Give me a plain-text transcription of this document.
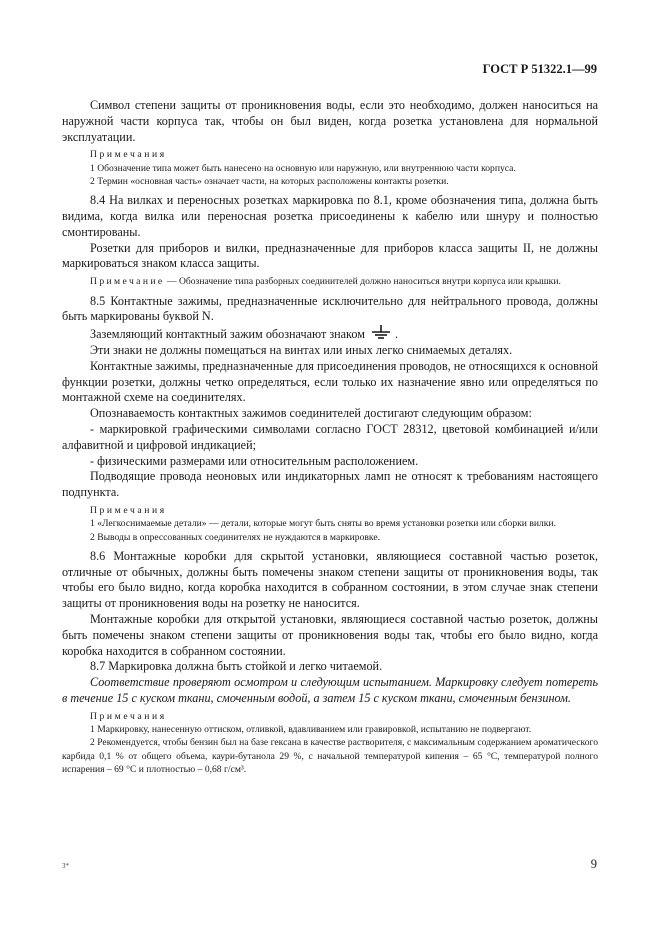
ГОСТ Р 51322.1—99

Символ степени защиты от проникновения воды, если это необходимо, должен наноситься на наружной части корпуса так, чтобы он был виден, когда розетка установлена для нормальной эксплуатации.

Примечания

1 Обозначение типа может быть нанесено на основную или наружную, или внутреннюю части корпуса.

2 Термин «основная часть» означает части, на которых расположены контакты розетки.

8.4 На вилках и переносных розетках маркировка по 8.1, кроме обозначения типа, должна быть видима, когда вилка или переносная розетка присоединены к кабелю или шнуру и полностью смонтированы.

Розетки для приборов и вилки, предназначенные для приборов класса защиты II, не должны маркироваться знаком класса защиты.

Примечание — Обозначение типа разборных соединителей должно наноситься внутри корпуса или крышки.

8.5 Контактные зажимы, предназначенные исключительно для нейтрального провода, должны быть маркированы буквой N.

Заземляющий контактный зажим обозначают знаком .

Эти знаки не должны помещаться на винтах или иных легко снимаемых деталях.

Контактные зажимы, предназначенные для присоединения проводов, не относящихся к основной функции розетки, должны четко определяться, если только их назначение явно или определяться по монтажной схеме на соединителях.

Опознаваемость контактных зажимов соединителей достигают следующим образом:

- маркировкой графическими символами согласно ГОСТ 28312, цветовой комбинацией и/или алфавитной и цифровой индикацией;

- физическими размерами или относительным расположением.

Подводящие провода неоновых или индикаторных ламп не относят к требованиям настоящего подпункта.

Примечания

1 «Легкоснимаемые детали» — детали, которые могут быть сняты во время установки розетки или сборки вилки.

2 Выводы в опрессованных соединителях не нуждаются в маркировке.

8.6 Монтажные коробки для скрытой установки, являющиеся составной частью розеток, отличные от обычных, должны быть помечены знаком степени защиты от проникновения воды, так чтобы его было видно, когда коробка находится в собранном состоянии, в этом случае знак степени защиты от проникновения воды на розетку не наносится.

Монтажные коробки для открытой установки, являющиеся составной частью розеток, должны быть помечены знаком степени защиты от проникновения воды так, чтобы его было видно, когда коробка находится в собранном состоянии.

8.7 Маркировка должна быть стойкой и легко читаемой.

Соответствие проверяют осмотром и следующим испытанием. Маркировку следует потереть в течение 15 с куском ткани, смоченным водой, а затем 15 с куском ткани, смоченным бензином.

Примечания

1 Маркировку, нанесенную оттиском, отливкой, вдавливанием или гравировкой, испытанию не подвергают.

2 Рекомендуется, чтобы бензин был на базе гексана в качестве растворителя, с максимальным содержанием ароматического карбида 0,1 % от общего объема, каури-бутанола 29 %, с начальной температурой кипения – 65 °С, температурой полного испарения – 69 °С и плотностью – 0,68 г/см³.

3*	9
